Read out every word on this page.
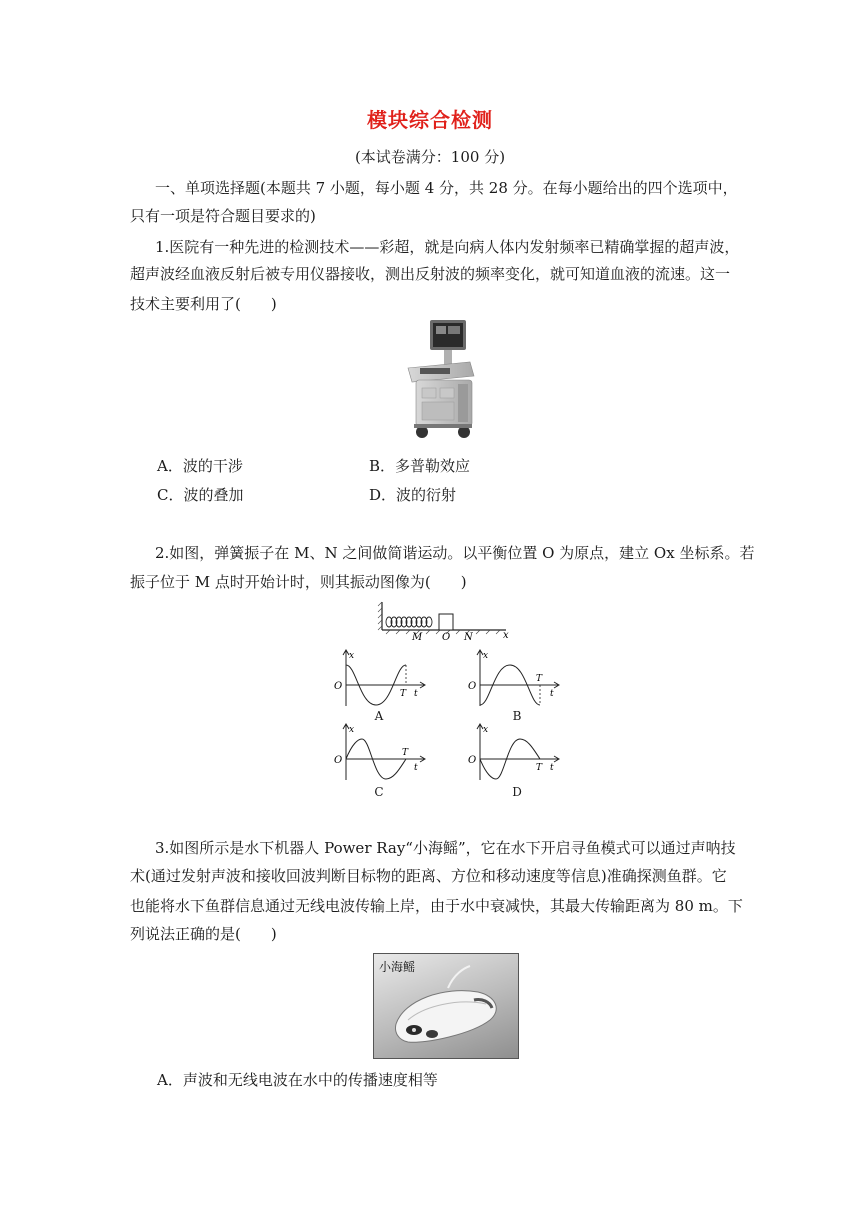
模块综合检测
(本试卷满分：100 分)
一、单项选择题(本题共 7 小题，每小题 4 分，共 28 分。在每小题给出的四个选项中，
只有一项是符合题目要求的)
1.医院有一种先进的检测技术——彩超，就是向病人体内发射频率已精确掌握的超声波，
超声波经血液反射后被专用仪器接收，测出反射波的频率变化，就可知道血液的流速。这一
技术主要利用了(　　)
A．波的干涉	B．多普勒效应
C．波的叠加	D．波的衍射
2.如图，弹簧振子在 M、N 之间做简谐运动。以平衡位置 O 为原点，建立 Ox 坐标系。若
振子位于 M 点时开始计时，则其振动图像为(　　)
M O N	x
x
O
T t
A
x
O
T
t
B
x
O
T
t
C
x
O
T t
D
3.如图所示是水下机器人 Power Ray“小海鳐”，它在水下开启寻鱼模式可以通过声呐技
术(通过发射声波和接收回波判断目标物的距离、方位和移动速度等信息)准确探测鱼群。它
也能将水下鱼群信息通过无线电波传输上岸，由于水中衰减快，其最大传输距离为 80 m。下
列说法正确的是(　　)
小海鳐
A．声波和无线电波在水中的传播速度相等
